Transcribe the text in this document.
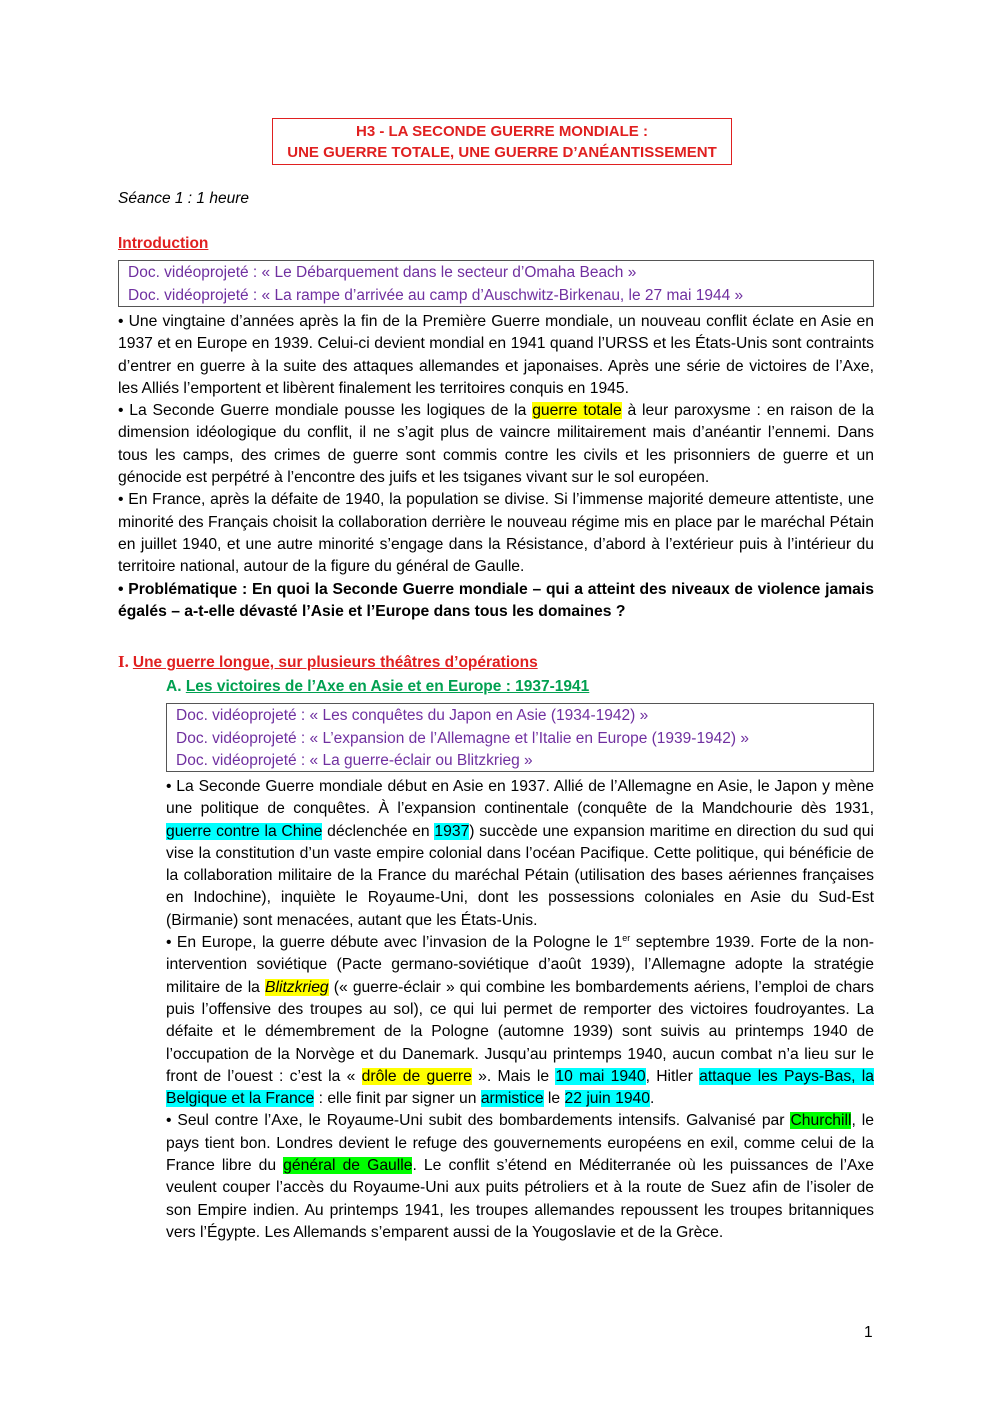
H3 - LA SECONDE GUERRE MONDIALE :
UNE GUERRE TOTALE, UNE GUERRE D’ANÉANTISSEMENT
Séance 1 : 1 heure
Introduction
Doc. vidéoprojeté : « Le Débarquement dans le secteur d’Omaha Beach »
Doc. vidéoprojeté : « La rampe d’arrivée au camp d’Auschwitz-Birkenau, le 27 mai 1944 »

• Une vingtaine d’années après la fin de la Première Guerre mondiale, un nouveau conflit éclate en Asie en 1937 et en Europe en 1939. Celui-ci devient mondial en 1941 quand l’URSS et les États-Unis sont contraints d’entrer en guerre à la suite des attaques allemandes et japonaises. Après une série de victoires de l’Axe, les Alliés l’emportent et libèrent finalement les territoires conquis en 1945.

• La Seconde Guerre mondiale pousse les logiques de la guerre totale à leur paroxysme : en raison de la dimension idéologique du conflit, il ne s’agit plus de vaincre militairement mais d’anéantir l’ennemi. Dans tous les camps, des crimes de guerre sont commis contre les civils et les prisonniers de guerre et un génocide est perpétré à l’encontre des juifs et les tsiganes vivant sur le sol européen.

• En France, après la défaite de 1940, la population se divise. Si l’immense majorité demeure attentiste, une minorité des Français choisit la collaboration derrière le nouveau régime mis en place par le maréchal Pétain en juillet 1940, et une autre minorité s’engage dans la Résistance, d’abord à l’extérieur puis à l’intérieur du territoire national, autour de la figure du général de Gaulle.

• Problématique : En quoi la Seconde Guerre mondiale – qui a atteint des niveaux de violence jamais égalés – a-t-elle dévasté l’Asie et l’Europe dans tous les domaines ?

I. Une guerre longue, sur plusieurs théâtres d’opérations
A. Les victoires de l’Axe en Asie et en Europe : 1937-1941
Doc. vidéoprojeté : « Les conquêtes du Japon en Asie (1934-1942) »
Doc. vidéoprojeté : « L’expansion de l’Allemagne et l’Italie en Europe (1939-1942) »
Doc. vidéoprojeté : « La guerre-éclair ou Blitzkrieg »

• La Seconde Guerre mondiale début en Asie en 1937. Allié de l’Allemagne en Asie, le Japon y mène une politique de conquêtes. À l’expansion continentale (conquête de la Mandchourie dès 1931, guerre contre la Chine déclenchée en 1937) succède une expansion maritime en direction du sud qui vise la constitution d’un vaste empire colonial dans l’océan Pacifique. Cette politique, qui bénéficie de la collaboration militaire de la France du maréchal Pétain (utilisation des bases aériennes françaises en Indochine), inquiète le Royaume-Uni, dont les possessions coloniales en Asie du Sud-Est (Birmanie) sont menacées, autant que les États-Unis.

• En Europe, la guerre débute avec l’invasion de la Pologne le 1er septembre 1939. Forte de la non-intervention soviétique (Pacte germano-soviétique d’août 1939), l’Allemagne adopte la stratégie militaire de la Blitzkrieg (« guerre-éclair » qui combine les bombardements aériens, l’emploi de chars puis l’offensive des troupes au sol), ce qui lui permet de remporter des victoires foudroyantes. La défaite et le démembrement de la Pologne (automne 1939) sont suivis au printemps 1940 de l’occupation de la Norvège et du Danemark. Jusqu’au printemps 1940, aucun combat n’a lieu sur le front de l’ouest : c’est la « drôle de guerre ». Mais le 10 mai 1940, Hitler attaque les Pays-Bas, la Belgique et la France : elle finit par signer un armistice le 22 juin 1940.

• Seul contre l’Axe, le Royaume-Uni subit des bombardements intensifs. Galvanisé par Churchill, le pays tient bon. Londres devient le refuge des gouvernements européens en exil, comme celui de la France libre du général de Gaulle. Le conflit s’étend en Méditerranée où les puissances de l’Axe veulent couper l’accès du Royaume-Uni aux puits pétroliers et à la route de Suez afin de l’isoler de son Empire indien. Au printemps 1941, les troupes allemandes repoussent les troupes britanniques vers l’Égypte. Les Allemands s’emparent aussi de la Yougoslavie et de la Grèce.

1
